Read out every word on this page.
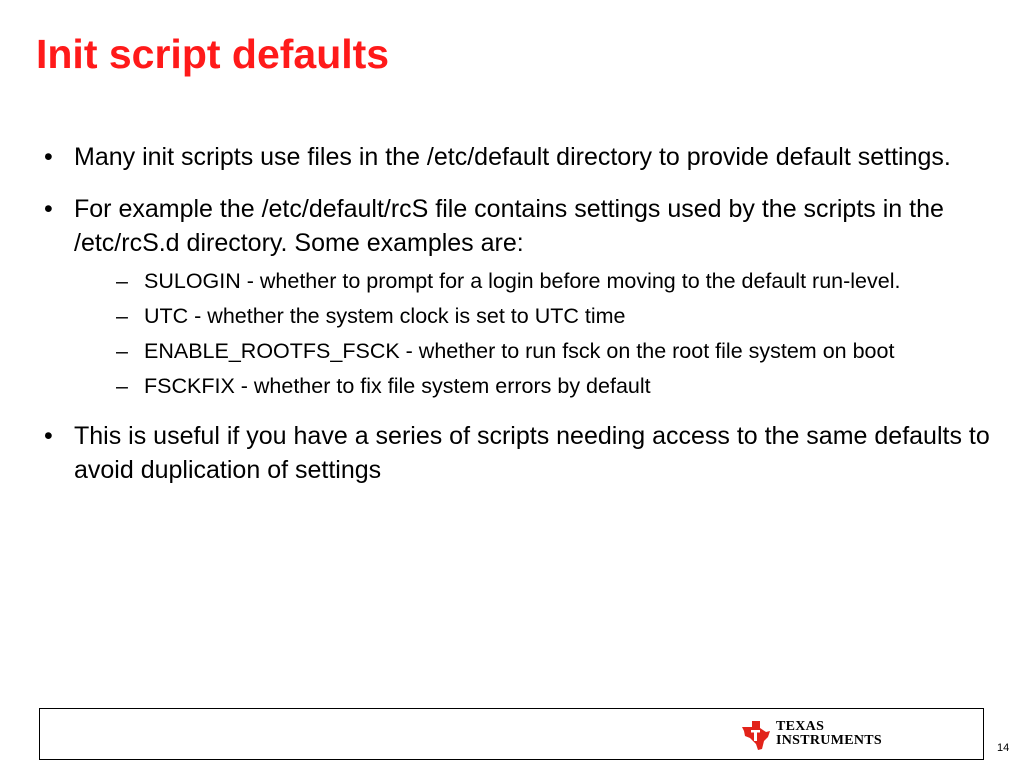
Init script defaults
• Many init scripts use files in the /etc/default directory to provide default settings.
• For example the /etc/default/rcS file contains settings used by the scripts in the /etc/rcS.d directory. Some examples are:
– SULOGIN - whether to prompt for a login before moving to the default run-level.
– UTC - whether the system clock is set to UTC time
– ENABLE_ROOTFS_FSCK - whether to run fsck on the root file system on boot
– FSCKFIX - whether to fix file system errors by default
• This is useful if you have a series of scripts needing access to the same defaults to avoid duplication of settings
TEXAS
INSTRUMENTS	14
